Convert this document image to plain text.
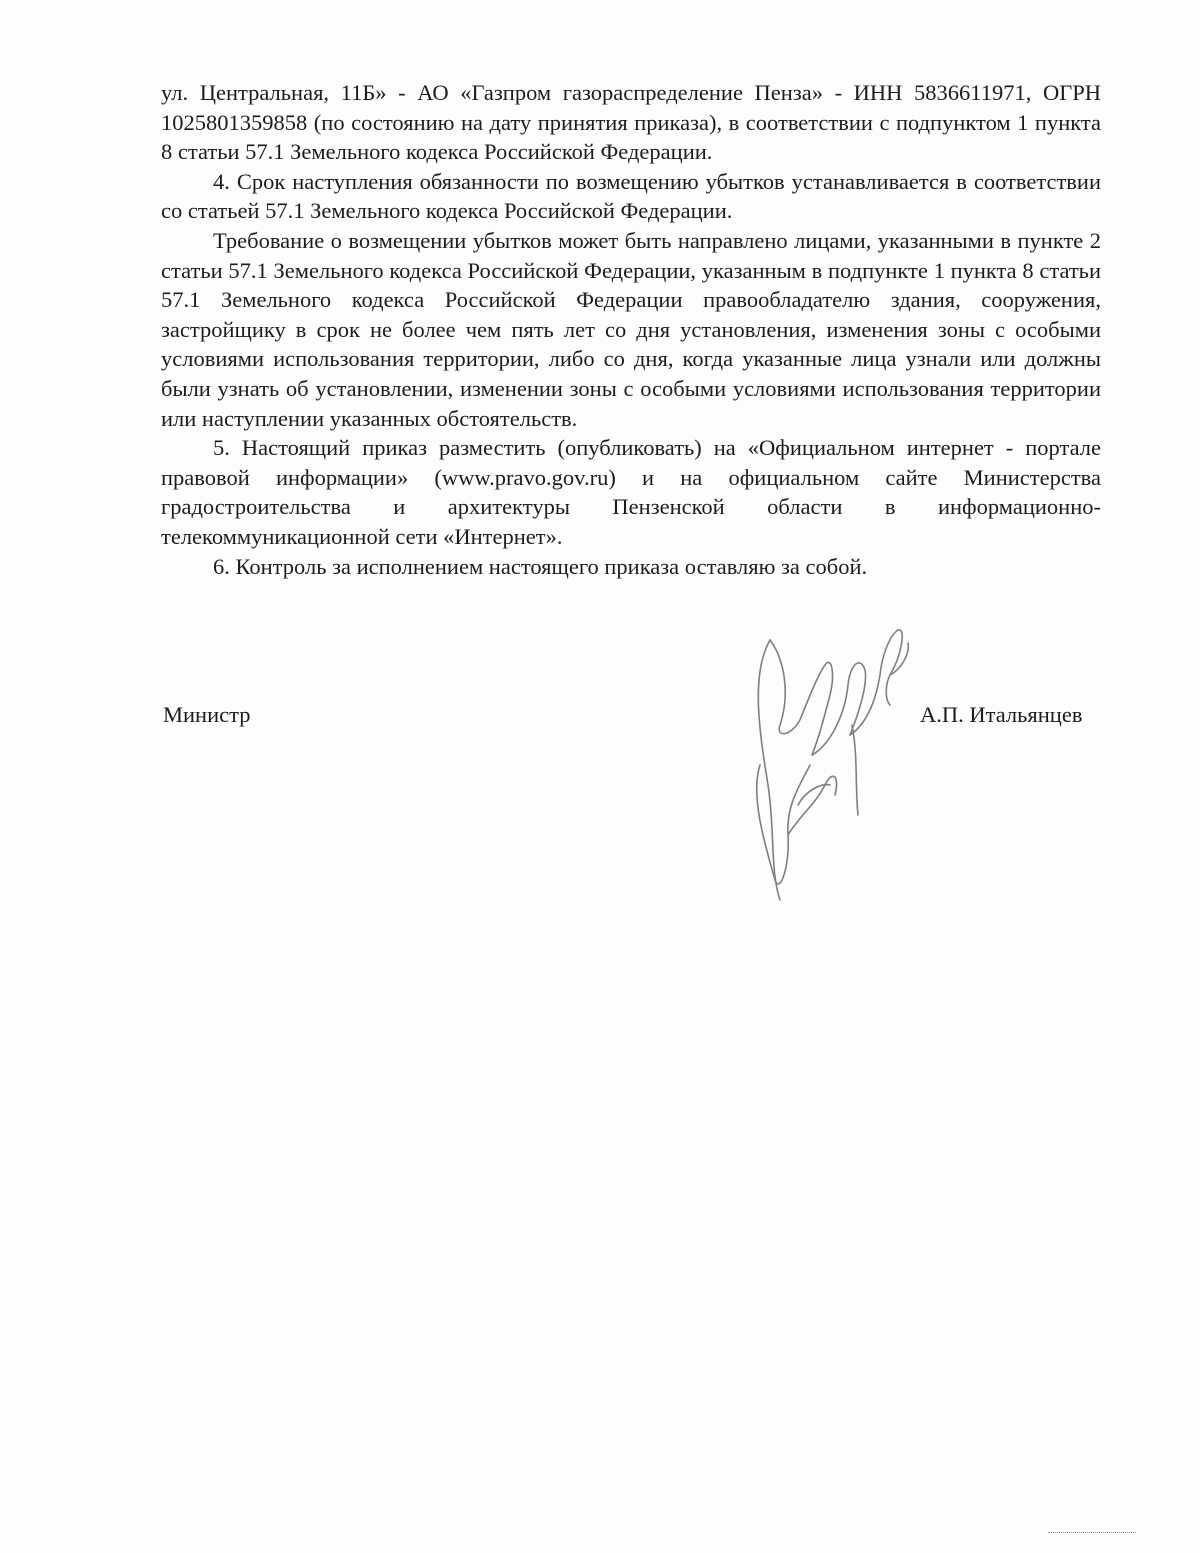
ул. Центральная, 11Б» - АО «Газпром газораспределение Пенза» - ИНН 5836611971, ОГРН 1025801359858 (по состоянию на дату принятия приказа), в соответствии с подпунктом 1 пункта 8 статьи 57.1 Земельного кодекса Российской Федерации.

4. Срок наступления обязанности по возмещению убытков устанавливается в соответствии со статьей 57.1 Земельного кодекса Российской Федерации.

Требование о возмещении убытков может быть направлено лицами, указанными в пункте 2 статьи 57.1 Земельного кодекса Российской Федерации, указанным в подпункте 1 пункта 8 статьи 57.1 Земельного кодекса Российской Федерации правообладателю здания, сооружения, застройщику в срок не более чем пять лет со дня установления, изменения зоны с особыми условиями использования территории, либо со дня, когда указанные лица узнали или должны были узнать об установлении, изменении зоны с особыми условиями использования территории или наступлении указанных обстоятельств.

5. Настоящий приказ разместить (опубликовать) на «Официальном интернет - портале правовой информации» (www.pravo.gov.ru) и на официальном сайте Министерства градостроительства и архитектуры Пензенской области в информационно-телекоммуникационной сети «Интернет».

6. Контроль за исполнением настоящего приказа оставляю за собой.

Министр	А.П. Итальянцев
